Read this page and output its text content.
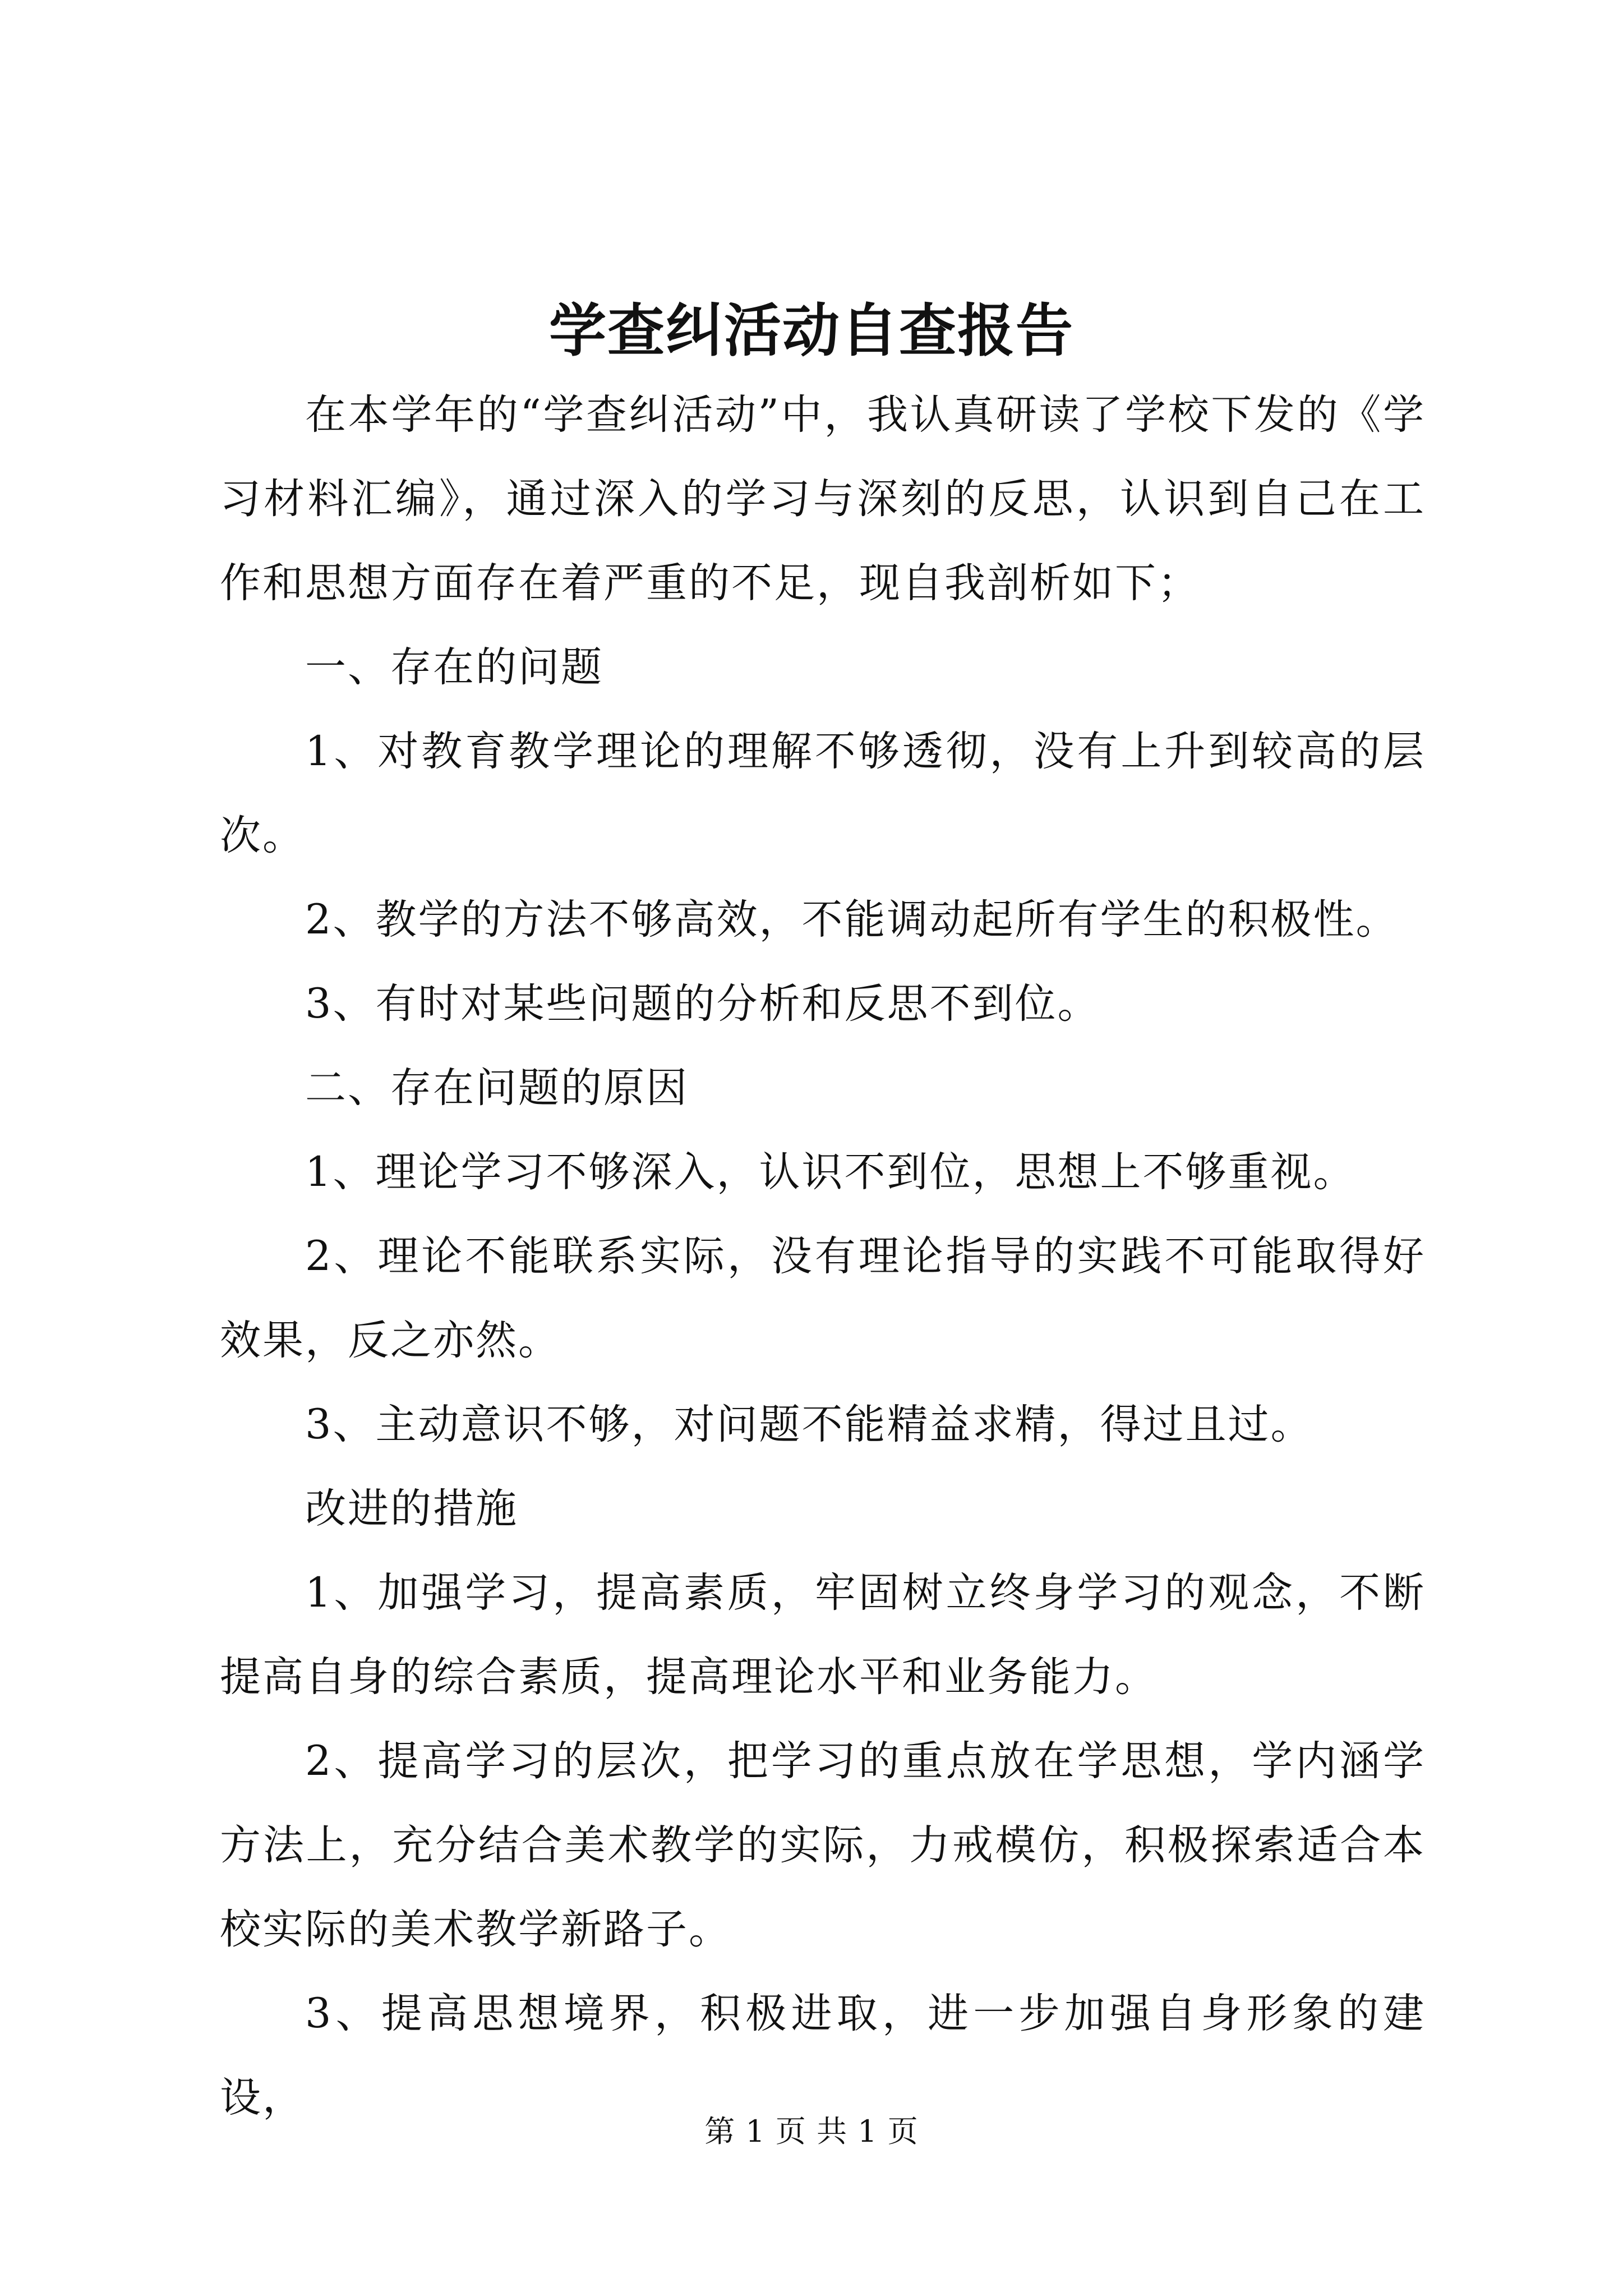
学查纠活动自查报告

在本学年的“学查纠活动”中，我认真研读了学校下发的《学习材料汇编》，通过深入的学习与深刻的反思，认识到自己在工作和思想方面存在着严重的不足，现自我剖析如下；

一、存在的问题

1、对教育教学理论的理解不够透彻，没有上升到较高的层次。

2、教学的方法不够高效，不能调动起所有学生的积极性。

3、有时对某些问题的分析和反思不到位。

二、存在问题的原因

1、理论学习不够深入，认识不到位，思想上不够重视。

2、理论不能联系实际，没有理论指导的实践不可能取得好效果，反之亦然。

3、主动意识不够，对问题不能精益求精，得过且过。

改进的措施

1、加强学习，提高素质，牢固树立终身学习的观念，不断提高自身的综合素质，提高理论水平和业务能力。

2、提高学习的层次，把学习的重点放在学思想，学内涵学方法上，充分结合美术教学的实际，力戒模仿，积极探索适合本校实际的美术教学新路子。

3、提高思想境界，积极进取，进一步加强自身形象的建设，

第 1 页 共 1 页
